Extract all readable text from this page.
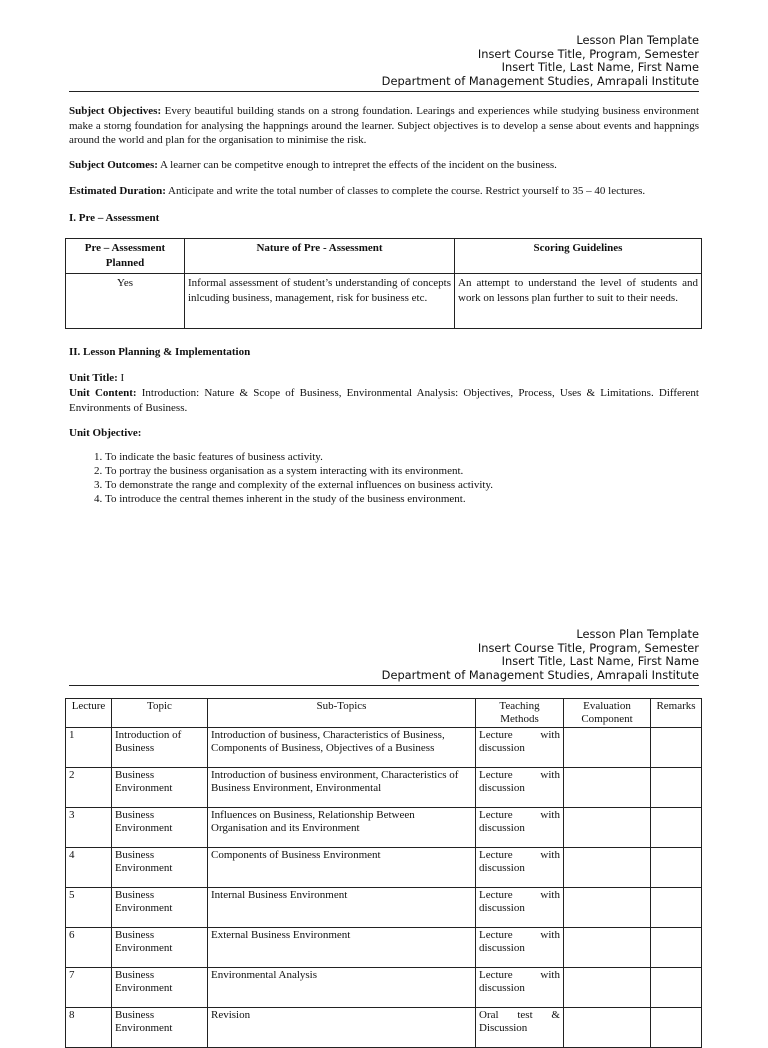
Lesson Plan Template
Insert Course Title, Program, Semester
Insert Title, Last Name, First Name
Department of Management Studies, Amrapali Institute

Subject Objectives: Every beautiful building stands on a strong foundation. Learings and experiences while studying business environment make a storng foundation for analysing the happnings around the learner. Subject objectives is to develop a sense about events and happnings around the world and plan for the organisation to minimise the risk.

Subject Outcomes: A learner can be competitve enough to intrepret the effects of the incident on the business.

Estimated Duration: Anticipate and write the total number of classes to complete the course. Restrict yourself to 35 – 40 lectures.

I. Pre – Assessment
Pre – Assessment Planned	Nature of Pre - Assessment	Scoring Guidelines
Yes	Informal assessment of student’s understanding of concepts inlcuding business, management, risk for business etc.	An attempt to understand the level of students and work on lessons plan further to suit to their needs.
II. Lesson Planning & Implementation
Unit Title: I

Unit Content: Introduction: Nature & Scope of Business, Environmental Analysis: Objectives, Process, Uses & Limitations. Different Environments of Business.

Unit Objective:
1. To indicate the basic features of business activity.
2. To portray the business organisation as a system interacting with its environment.
3. To demonstrate the range and complexity of the external influences on business activity.
4. To introduce the central themes inherent in the study of the business environment.
Lesson Plan Template
Insert Course Title, Program, Semester
Insert Title, Last Name, First Name
Department of Management Studies, Amrapali Institute
Lecture	Topic	Sub-Topics	Teaching Methods	Evaluation Component	Remarks
1	Introduction of Business	Introduction of business, Characteristics of Business, Components of Business, Objectives of a Business	Lecture with discussion		
2	Business Environment	Introduction of business environment, Characteristics of Business Environment, Environmental	Lecture with discussion		
3	Business Environment	Influences on Business, Relationship Between Organisation and its Environment	Lecture with discussion		
4	Business Environment	Components of Business Environment	Lecture with discussion		
5	Business Environment	Internal Business Environment	Lecture with discussion		
6	Business Environment	External Business Environment	Lecture with discussion		
7	Business Environment	Environmental Analysis	Lecture with discussion		
8	Business Environment	Revision	Oral test & Discussion		
